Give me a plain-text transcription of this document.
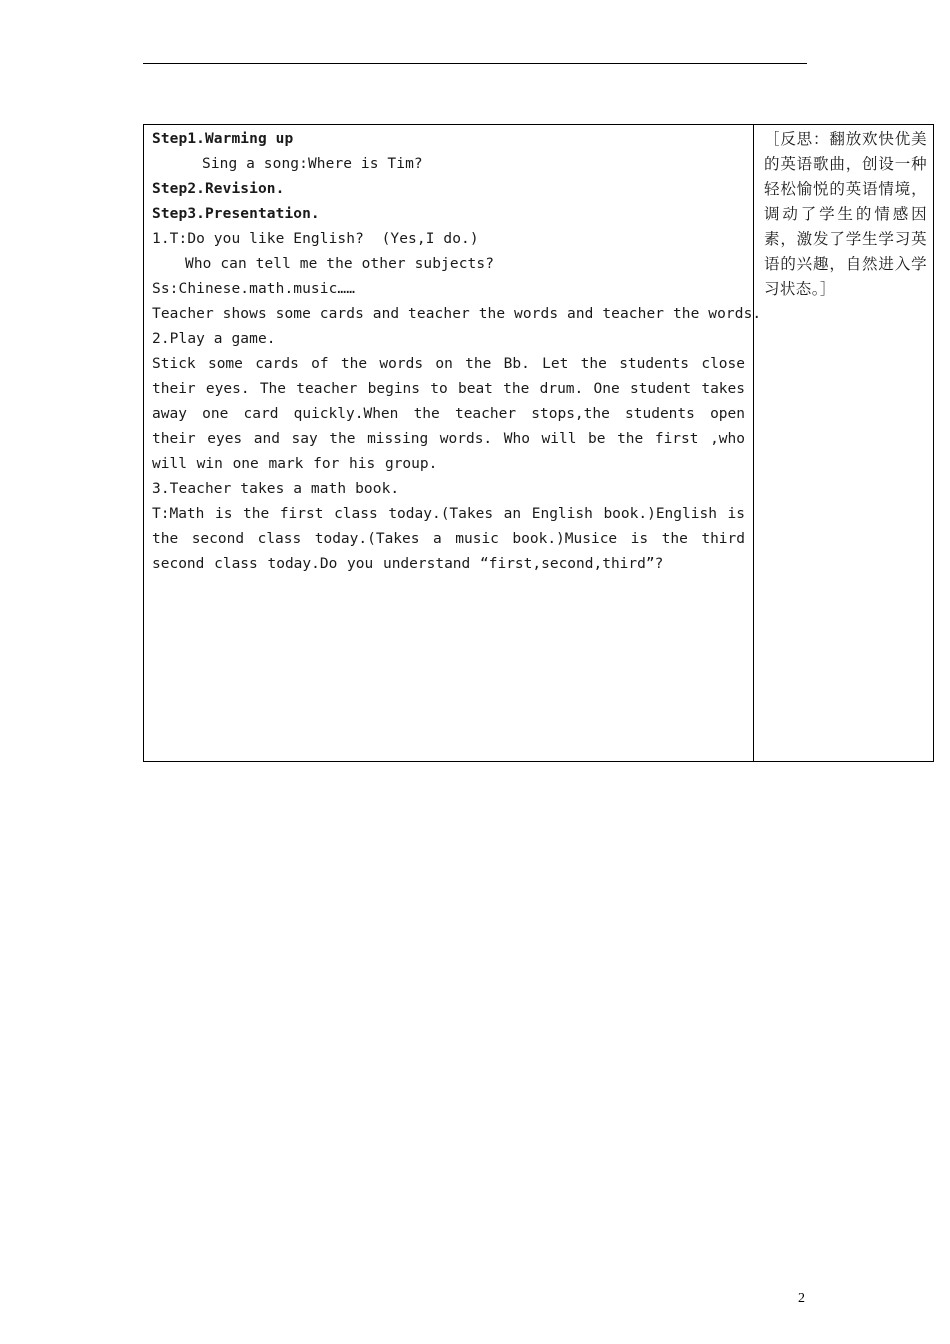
Step1.Warming up
Sing a song:Where is Tim?
Step2.Revision.
Step3.Presentation.
1.T:Do you like English?  (Yes,I do.)
Who can tell me the other subjects?
Ss:Chinese.math.music……
Teacher shows some cards and teacher the words and teacher the words.
2.Play a game.
Stick some cards of the words on the Bb. Let the students close their eyes. The teacher begins to beat the drum. One student takes away one card quickly.When the teacher stops,the students open their eyes and say the missing words. Who will be the first ,who will win one mark for his group.
3.Teacher takes a math book.
T:Math is the first class today.(Takes an English book.)English is the second class today.(Takes a music book.)Musice is the third second class today.Do you understand “first,second,third”?
［反思：翻放欢快优美的英语歌曲，创设一种轻松愉悦的英语情境，调动了学生的情感因素，激发了学生学习英语的兴趣，自然进入学习状态。］
2
